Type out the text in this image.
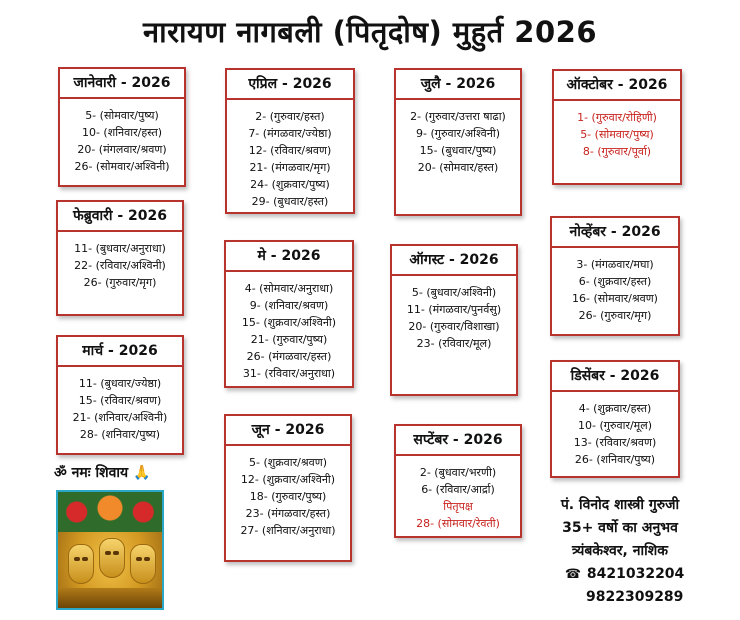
नारायण नागबली (पितृदोष) मुहुर्त 2026
जानेवारी - 2026
5- (सोमवार/पुष्य)
10- (शनिवार/हस्त)
20- (मंगलवार/श्रवण)
26- (सोमवार/अश्विनी)
फेब्रुवारी - 2026
11- (बुधवार/अनुराधा)
22- (रविवार/अश्विनी)
26- (गुरुवार/मृग)
मार्च - 2026
11- (बुधवार/ज्येष्ठा)
15- (रविवार/श्रवण)
21- (शनिवार/अश्विनी)
28- (शनिवार/पुष्य)
एप्रिल - 2026
2- (गुरुवार/हस्त)
7- (मंगळवार/ज्येष्ठा)
12- (रविवार/श्रवण)
21- (मंगळवार/मृग)
24- (शुक्रवार/पुष्य)
29- (बुधवार/हस्त)
मे - 2026
4- (सोमवार/अनुराधा)
9- (शनिवार/श्रवण)
15- (शुक्रवार/अश्विनी)
21- (गुरुवार/पुष्य)
26- (मंगळवार/हस्त)
31- (रविवार/अनुराधा)
जून - 2026
5- (शुक्रवार/श्रवण)
12- (शुक्रवार/अश्विनी)
18- (गुरुवार/पुष्य)
23- (मंगळवार/हस्त)
27- (शनिवार/अनुराधा)
जुलै - 2026
2- (गुरुवार/उत्तरा षाढा)
9- (गुरुवार/अश्विनी)
15- (बुधवार/पुष्य)
20- (सोमवार/हस्त)
ऑगस्ट - 2026
5- (बुधवार/अश्विनी)
11- (मंगळवार/पुनर्वसु)
20- (गुरुवार/विशाखा)
23- (रविवार/मूल)
सप्टेंबर - 2026
2- (बुधवार/भरणी)
6- (रविवार/आर्द्रा)
पितृपक्ष
28- (सोमवार/रेवती)
ऑक्टोबर - 2026
1- (गुरुवार/रोहिणी)
5- (सोमवार/पुष्य)
8- (गुरुवार/पूर्वा)
नोव्हेंबर - 2026
3- (मंगळवार/मघा)
6- (शुक्रवार/हस्त)
16- (सोमवार/श्रवण)
26- (गुरुवार/मृग)
डिसेंबर - 2026
4- (शुक्रवार/हस्त)
10- (गुरुवार/मूल)
13- (रविवार/श्रवण)
26- (शनिवार/पुष्य)
ॐ नमः शिवाय 🙏
पं. विनोद शास्त्री गुरुजी
35+ वर्षो का अनुभव
त्र्यंबकेश्वर, नाशिक
☎ 8421032204
9822309289
